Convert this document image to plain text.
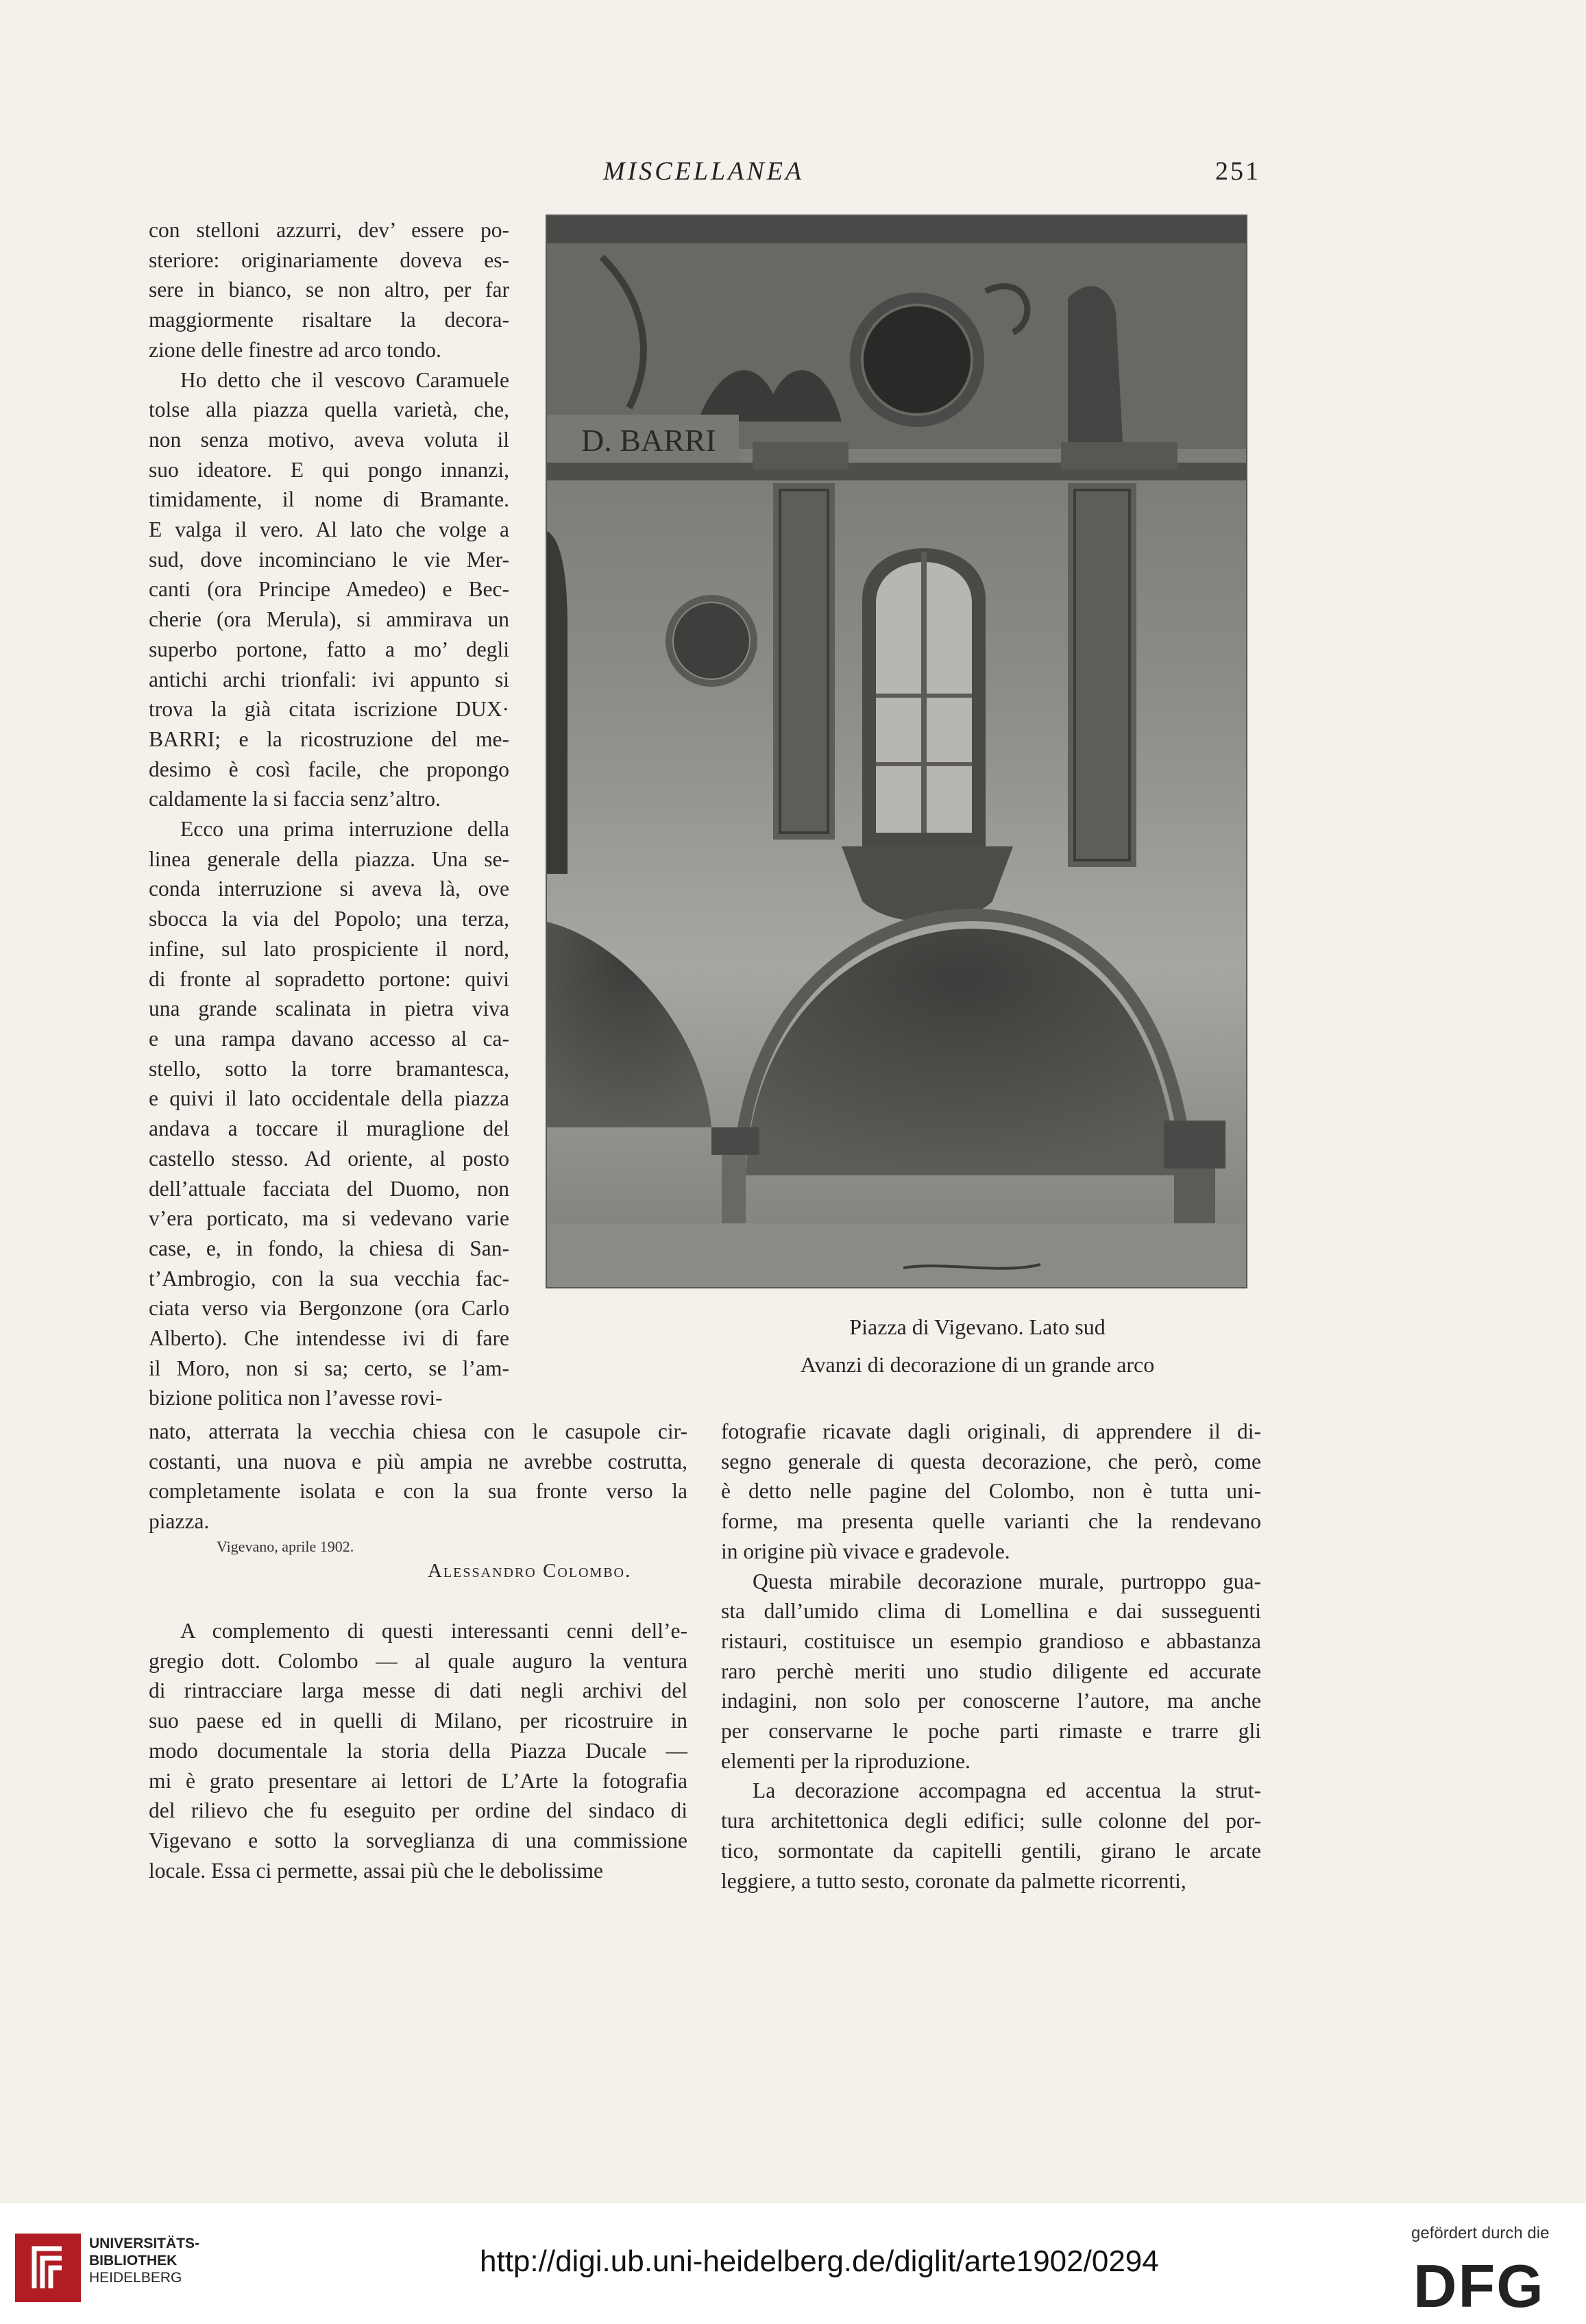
MISCELLANEA	251
con stelloni azzurri, dev’ essere po-
steriore: originariamente doveva es-
sere in bianco, se non altro, per far
maggiormente risaltare la decora-
zione delle finestre ad arco tondo.
Ho detto che il vescovo Caramuele
tolse alla piazza quella varietà, che,
non senza motivo, aveva voluta il
suo ideatore. E qui pongo innanzi,
timidamente, il nome di Bramante.
E valga il vero. Al lato che volge a
sud, dove incominciano le vie Mer-
canti (ora Principe Amedeo) e Bec-
cherie (ora Merula), si ammirava un
superbo portone, fatto a mo’ degli
antichi archi trionfali: ivi appunto si
trova la già citata iscrizione DUX·
BARRI; e la ricostruzione del me-
desimo è così facile, che propongo
caldamente la si faccia senz’altro.
Ecco una prima interruzione della
linea generale della piazza. Una se-
conda interruzione si aveva là, ove
sbocca la via del Popolo; una terza,
infine, sul lato prospiciente il nord,
di fronte al sopradetto portone: quivi
una grande scalinata in pietra viva
e una rampa davano accesso al ca-
stello, sotto la torre bramantesca,
e quivi il lato occidentale della piazza
andava a toccare il muraglione del
castello stesso. Ad oriente, al posto
dell’attuale facciata del Duomo, non
v’era porticato, ma si vedevano varie
case, e, in fondo, la chiesa di San-
t’Ambrogio, con la sua vecchia fac-
ciata verso via Bergonzone (ora Carlo
Alberto). Che intendesse ivi di fare
il Moro, non si sa; certo, se l’am-
bizione politica non l’avesse rovi-
D. BARRI
Piazza di Vigevano. Lato sud
Avanzi di decorazione di un grande arco
nato, atterrata la vecchia chiesa con le casupole cir-
costanti, una nuova e più ampia ne avrebbe costrutta,
completamente isolata e con la sua fronte verso la
piazza.
Vigevano, aprile 1902.
Alessandro Colombo.
A complemento di questi interessanti cenni dell’e-
gregio dott. Colombo — al quale auguro la ventura
di rintracciare larga messe di dati negli archivi del
suo paese ed in quelli di Milano, per ricostruire in
modo documentale la storia della Piazza Ducale —
mi è grato presentare ai lettori de L’Arte la fotografia
del rilievo che fu eseguito per ordine del sindaco di
Vigevano e sotto la sorveglianza di una commissione
locale. Essa ci permette, assai più che le debolissime
fotografie ricavate dagli originali, di apprendere il di-
segno generale di questa decorazione, che però, come
è detto nelle pagine del Colombo, non è tutta uni-
forme, ma presenta quelle varianti che la rendevano
in origine più vivace e gradevole.
Questa mirabile decorazione murale, purtroppo gua-
sta dall’umido clima di Lomellina e dai susseguenti
ristauri, costituisce un esempio grandioso e abbastanza
raro perchè meriti uno studio diligente ed accurate
indagini, non solo per conoscerne l’autore, ma anche
per conservarne le poche parti rimaste e trarre gli
elementi per la riproduzione.
La decorazione accompagna ed accentua la strut-
tura architettonica degli edifici; sulle colonne del por-
tico, sormontate da capitelli gentili, girano le arcate
leggiere, a tutto sesto, coronate da palmette ricorrenti,
UNIVERSITÄTS-
BIBLIOTHEK
HEIDELBERG	http://digi.ub.uni-heidelberg.de/diglit/arte1902/0294
gefördert durch die
DFG
